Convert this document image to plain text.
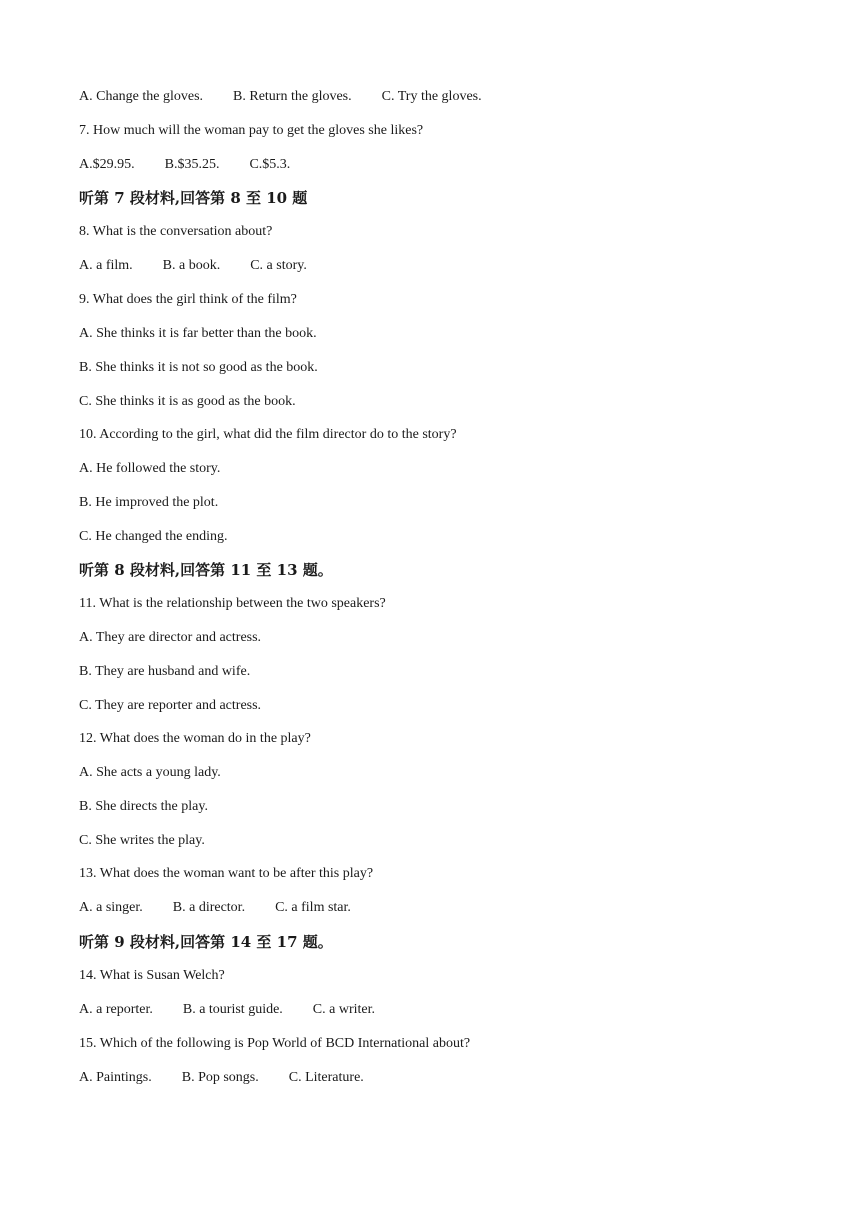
A. Change the gloves. B. Return the gloves. C. Try the gloves.
7. How much will the woman pay to get the gloves she likes?
A.$29.95. B.$35.25. C.$5.3.
听第 7 段材料,回答第 8 至 10 题
8. What is the conversation about?
A. a film. B. a book. C. a story.
9. What does the girl think of the film?
A. She thinks it is far better than the book.
B. She thinks it is not so good as the book.
C. She thinks it is as good as the book.
10. According to the girl, what did the film director do to the story?
A. He followed the story.
B. He improved the plot.
C. He changed the ending.
听第 8 段材料,回答第 11 至 13 题。
11. What is the relationship between the two speakers?
A. They are director and actress.
B. They are husband and wife.
C. They are reporter and actress.
12. What does the woman do in the play?
A. She acts a young lady.
B. She directs the play.
C. She writes the play.
13. What does the woman want to be after this play?
A. a singer. B. a director. C. a film star.
听第 9 段材料,回答第 14 至 17 题。
14. What is Susan Welch?
A. a reporter. B. a tourist guide. C. a writer.
15. Which of the following is Pop World of BCD International about?
A. Paintings. B. Pop songs. C. Literature.
